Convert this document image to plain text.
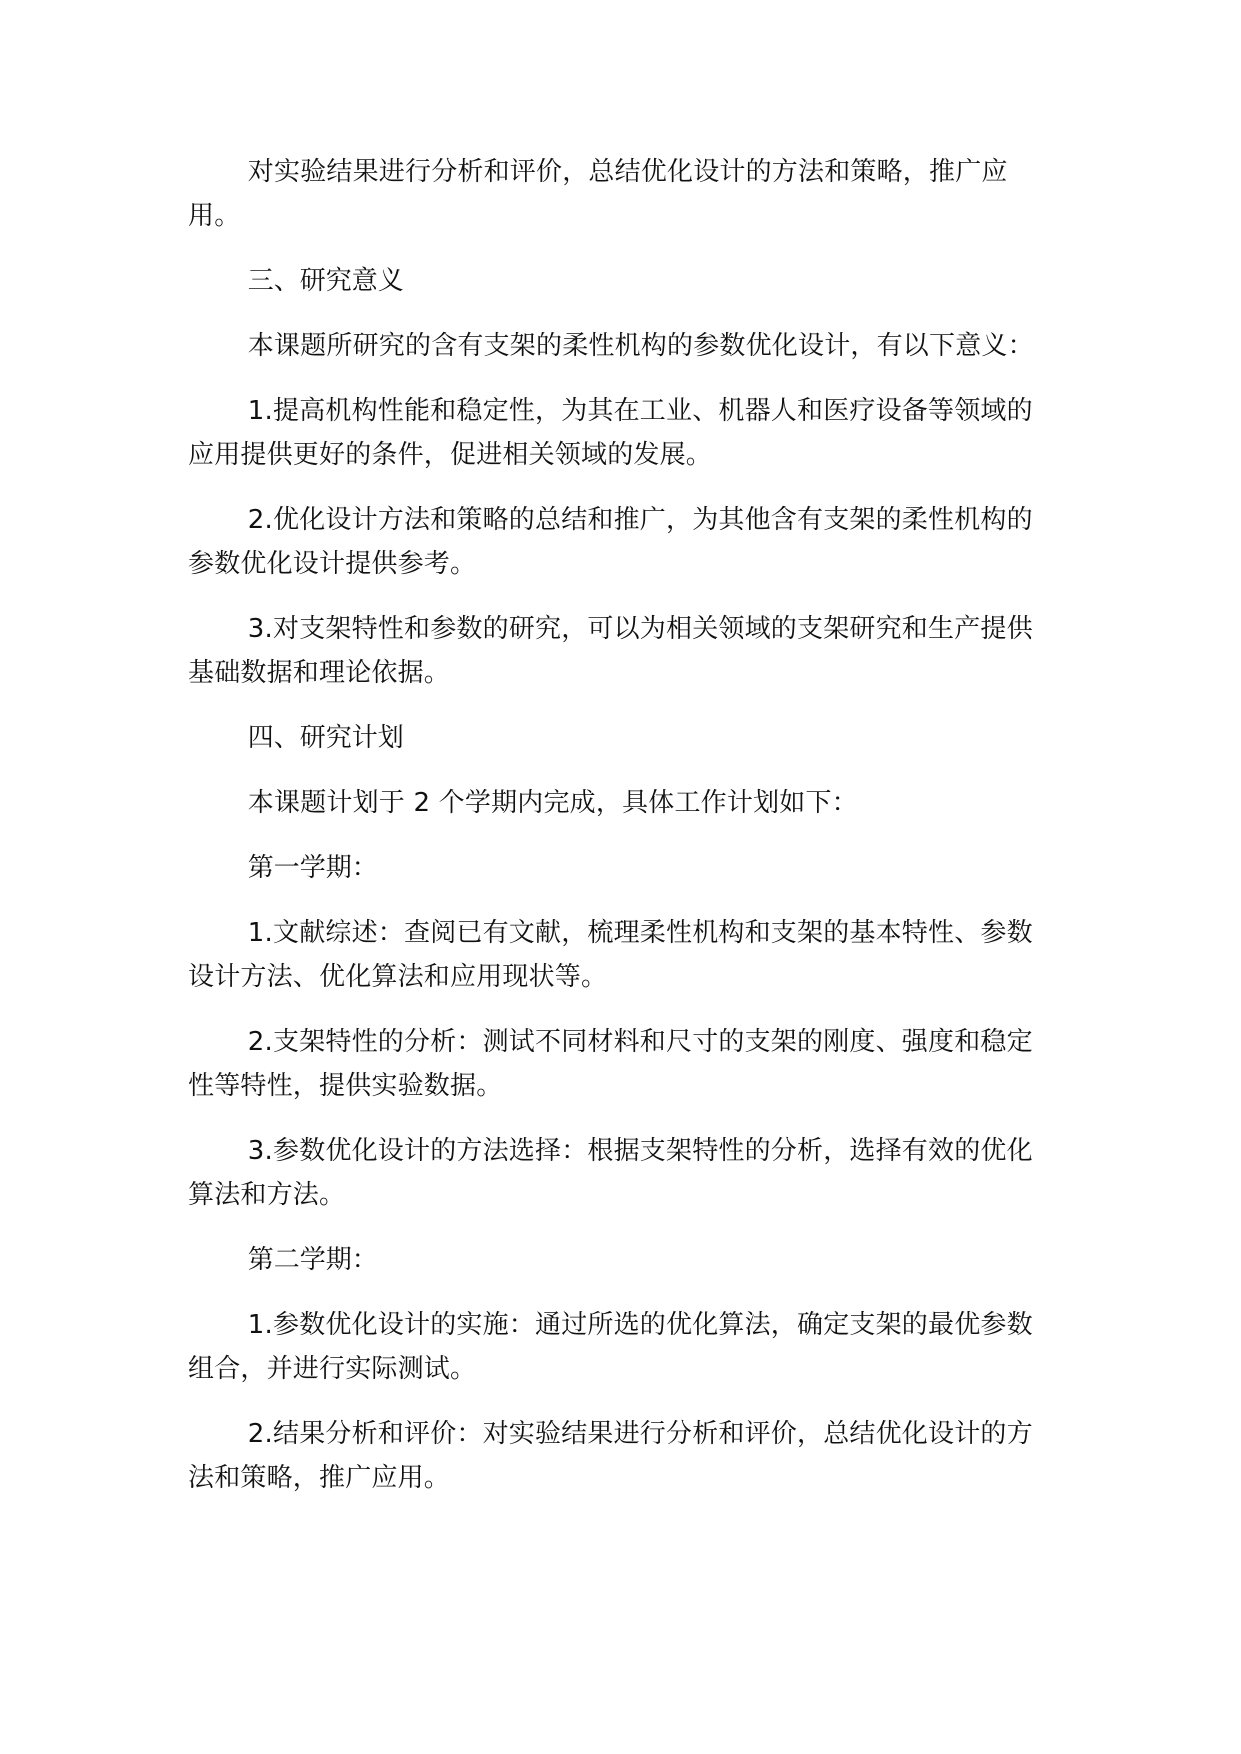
对实验结果进行分析和评价，总结优化设计的方法和策略，推广应用。

三、研究意义

本课题所研究的含有支架的柔性机构的参数优化设计，有以下意义：

1.提高机构性能和稳定性，为其在工业、机器人和医疗设备等领域的应用提供更好的条件，促进相关领域的发展。

2.优化设计方法和策略的总结和推广，为其他含有支架的柔性机构的参数优化设计提供参考。

3.对支架特性和参数的研究，可以为相关领域的支架研究和生产提供基础数据和理论依据。

四、研究计划

本课题计划于 2 个学期内完成，具体工作计划如下：

第一学期：

1.文献综述：查阅已有文献，梳理柔性机构和支架的基本特性、参数设计方法、优化算法和应用现状等。

2.支架特性的分析：测试不同材料和尺寸的支架的刚度、强度和稳定性等特性，提供实验数据。

3.参数优化设计的方法选择：根据支架特性的分析，选择有效的优化算法和方法。

第二学期：

1.参数优化设计的实施：通过所选的优化算法，确定支架的最优参数组合，并进行实际测试。

2.结果分析和评价：对实验结果进行分析和评价，总结优化设计的方法和策略，推广应用。
